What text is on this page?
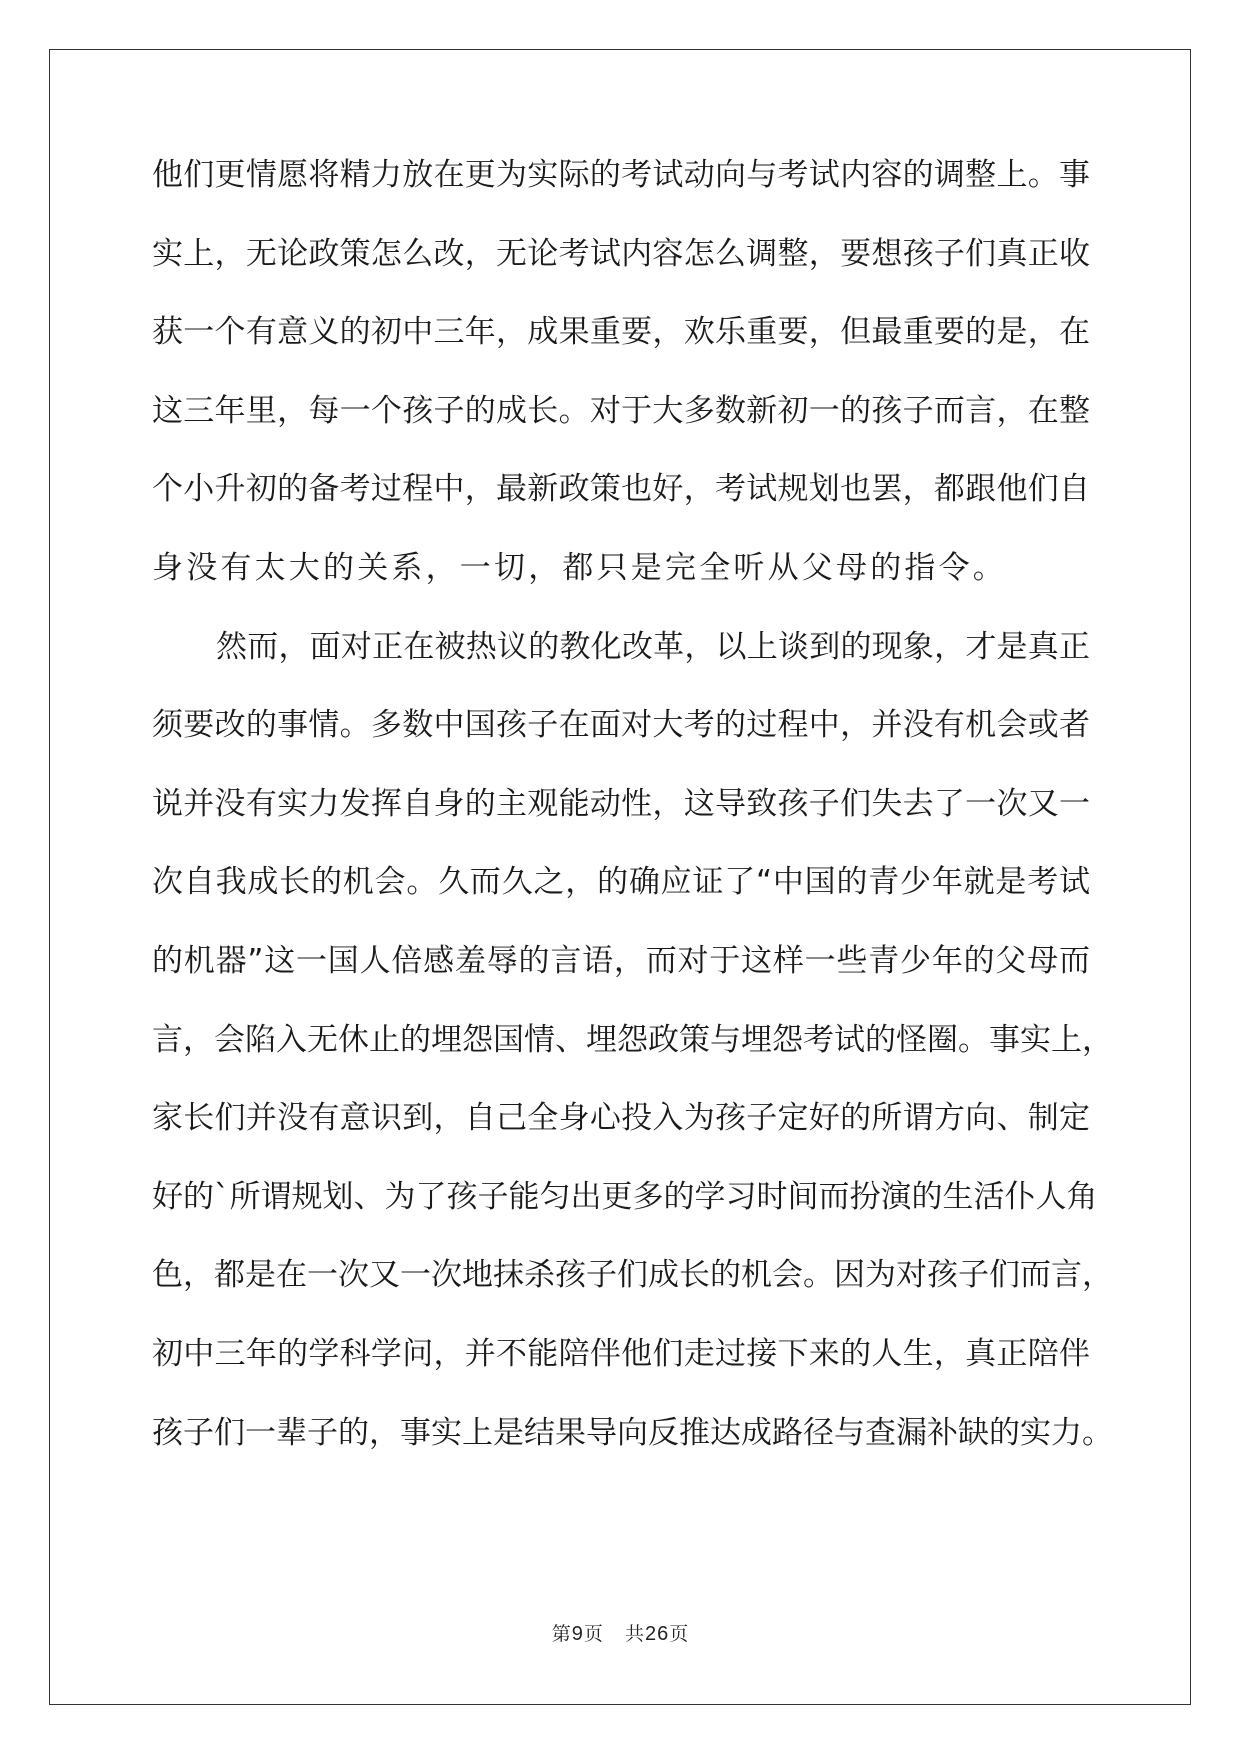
他们更情愿将精力放在更为实际的考试动向与考试内容的调整上。事
实上，无论政策怎么改，无论考试内容怎么调整，要想孩子们真正收
获一个有意义的初中三年，成果重要，欢乐重要，但最重要的是，在
这三年里，每一个孩子的成长。对于大多数新初一的孩子而言，在整
个小升初的备考过程中，最新政策也好，考试规划也罢，都跟他们自
身没有太大的关系，一切，都只是完全听从父母的指令。
然而，面对正在被热议的教化改革，以上谈到的现象，才是真正
须要改的事情。多数中国孩子在面对大考的过程中，并没有机会或者
说并没有实力发挥自身的主观能动性，这导致孩子们失去了一次又一
次自我成长的机会。久而久之，的确应证了“中国的青少年就是考试
的机器”这一国人倍感羞辱的言语，而对于这样一些青少年的父母而
言，会陷入无休止的埋怨国情、埋怨政策与埋怨考试的怪圈。事实上，
家长们并没有意识到，自己全身心投入为孩子定好的所谓方向、制定
好的`所谓规划、为了孩子能匀出更多的学习时间而扮演的生活仆人角
色，都是在一次又一次地抹杀孩子们成长的机会。因为对孩子们而言，
初中三年的学科学问，并不能陪伴他们走过接下来的人生，真正陪伴
孩子们一辈子的，事实上是结果导向反推达成路径与查漏补缺的实力。
第9页 共26页
